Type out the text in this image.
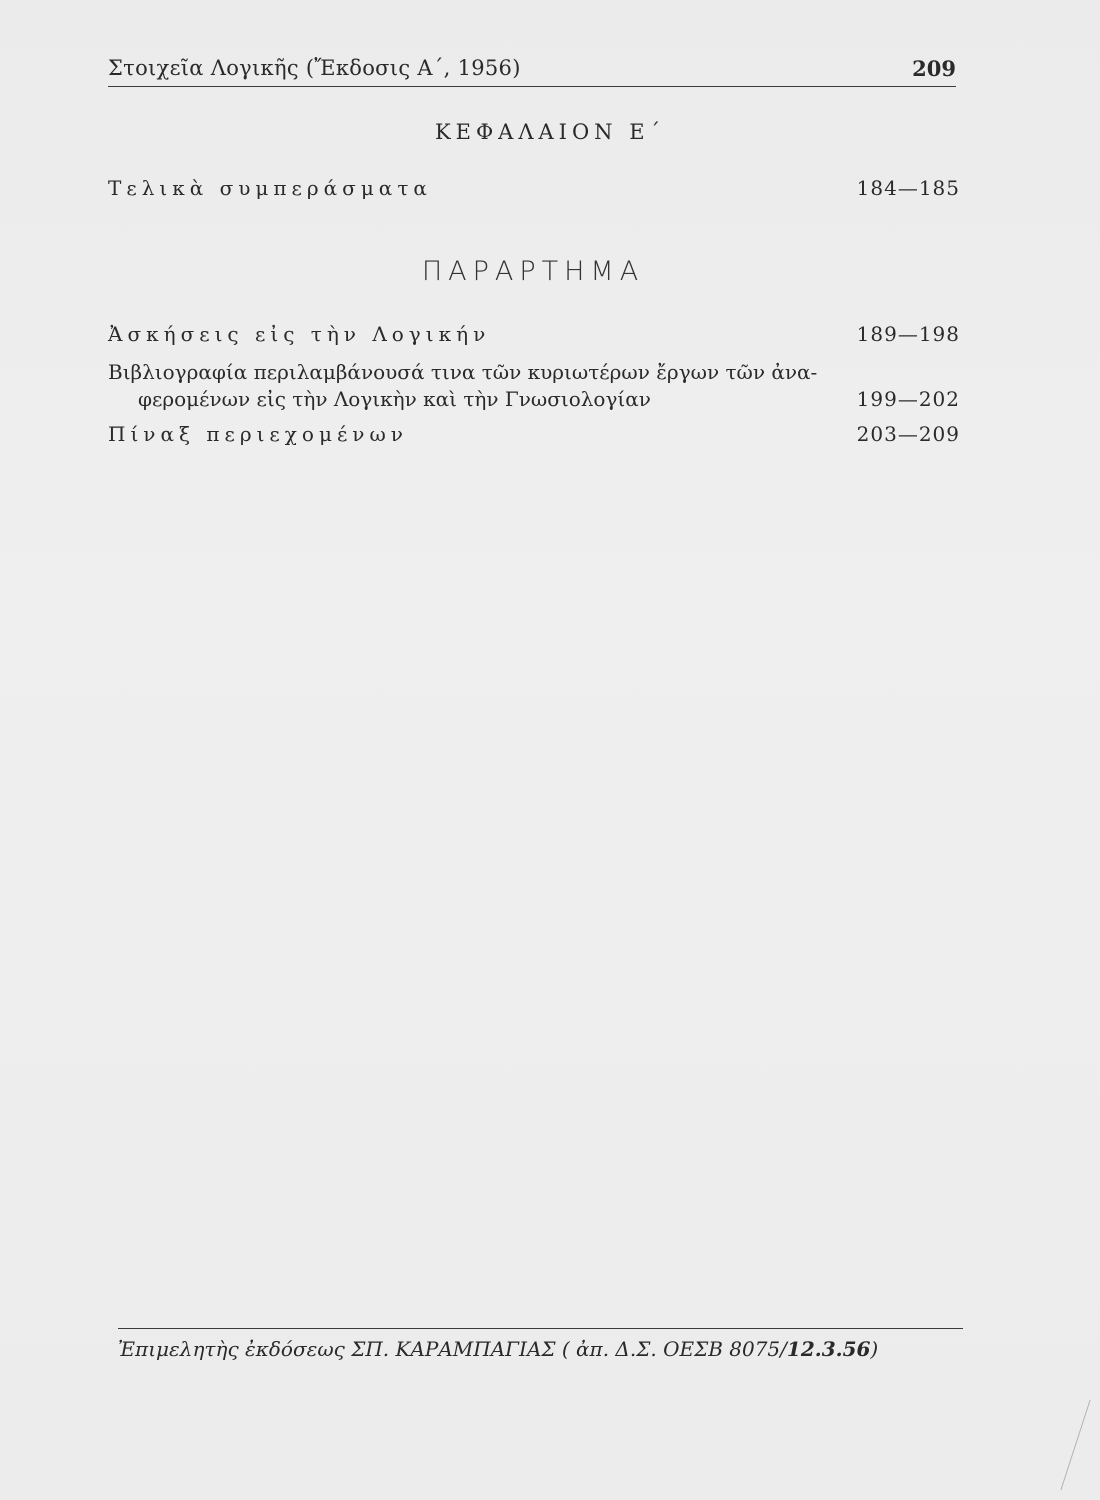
Στοιχεῖα Λογικῆς (Ἔκδοσις Α΄, 1956)	209
ΚΕΦΑΛΑΙΟΝ Ε΄
Τελικὰ συμπεράσματα	184—185
ΠΑΡΑΡΤΗΜΑ
Ἀσκήσεις εἰς τὴν Λογικήν	189—198
Βιβλιογραφία περιλαμβάνουσά τινα τῶν κυριωτέρων ἔργων τῶν ἀνα-
φερομένων εἰς τὴν Λογικὴν καὶ τὴν Γνωσιολογίαν	199—202
Πίναξ περιεχομένων	203—209
Ἐπιμελητὴς ἐκδόσεως ΣΠ. ΚΑΡΑΜΠΑΓΙΑΣ ( ἀπ. Δ.Σ. ΟΕΣΒ 8075/12.3.56)
